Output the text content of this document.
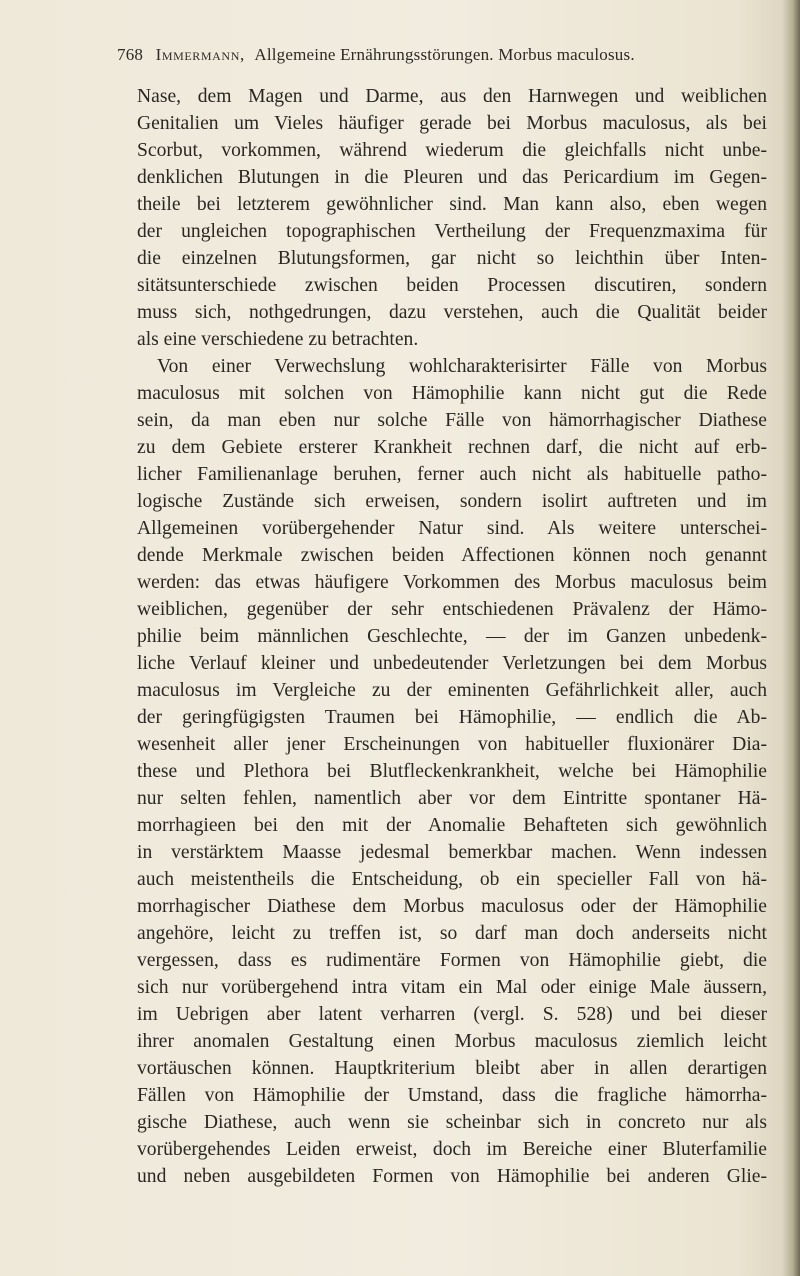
768 Immermann, Allgemeine Ernährungsstörungen. Morbus maculosus.
Nase, dem Magen und Darme, aus den Harnwegen und weiblichen
Genitalien um Vieles häufiger gerade bei Morbus maculosus, als bei
Scorbut, vorkommen, während wiederum die gleichfalls nicht unbe-
denklichen Blutungen in die Pleuren und das Pericardium im Gegen-
theile bei letzterem gewöhnlicher sind. Man kann also, eben wegen
der ungleichen topographischen Vertheilung der Frequenzmaxima für
die einzelnen Blutungsformen, gar nicht so leichthin über Inten-
sitätsunterschiede zwischen beiden Processen discutiren, sondern
muss sich, nothgedrungen, dazu verstehen, auch die Qualität beider
als eine verschiedene zu betrachten.
Von einer Verwechslung wohlcharakterisirter Fälle von Morbus
maculosus mit solchen von Hämophilie kann nicht gut die Rede
sein, da man eben nur solche Fälle von hämorrhagischer Diathese
zu dem Gebiete ersterer Krankheit rechnen darf, die nicht auf erb-
licher Familienanlage beruhen, ferner auch nicht als habituelle patho-
logische Zustände sich erweisen, sondern isolirt auftreten und im
Allgemeinen vorübergehender Natur sind. Als weitere unterschei-
dende Merkmale zwischen beiden Affectionen können noch genannt
werden: das etwas häufigere Vorkommen des Morbus maculosus beim
weiblichen, gegenüber der sehr entschiedenen Prävalenz der Hämo-
philie beim männlichen Geschlechte, — der im Ganzen unbedenk-
liche Verlauf kleiner und unbedeutender Verletzungen bei dem Morbus
maculosus im Vergleiche zu der eminenten Gefährlichkeit aller, auch
der geringfügigsten Traumen bei Hämophilie, — endlich die Ab-
wesenheit aller jener Erscheinungen von habitueller fluxionärer Dia-
these und Plethora bei Blutfleckenkrankheit, welche bei Hämophilie
nur selten fehlen, namentlich aber vor dem Eintritte spontaner Hä-
morrhagieen bei den mit der Anomalie Behafteten sich gewöhnlich
in verstärktem Maasse jedesmal bemerkbar machen. Wenn indessen
auch meistentheils die Entscheidung, ob ein specieller Fall von hä-
morrhagischer Diathese dem Morbus maculosus oder der Hämophilie
angehöre, leicht zu treffen ist, so darf man doch anderseits nicht
vergessen, dass es rudimentäre Formen von Hämophilie giebt, die
sich nur vorübergehend intra vitam ein Mal oder einige Male äussern,
im Uebrigen aber latent verharren (vergl. S. 528) und bei dieser
ihrer anomalen Gestaltung einen Morbus maculosus ziemlich leicht
vortäuschen können. Hauptkriterium bleibt aber in allen derartigen
Fällen von Hämophilie der Umstand, dass die fragliche hämorrha-
gische Diathese, auch wenn sie scheinbar sich in concreto nur als
vorübergehendes Leiden erweist, doch im Bereiche einer Bluterfamilie
und neben ausgebildeten Formen von Hämophilie bei anderen Glie-
